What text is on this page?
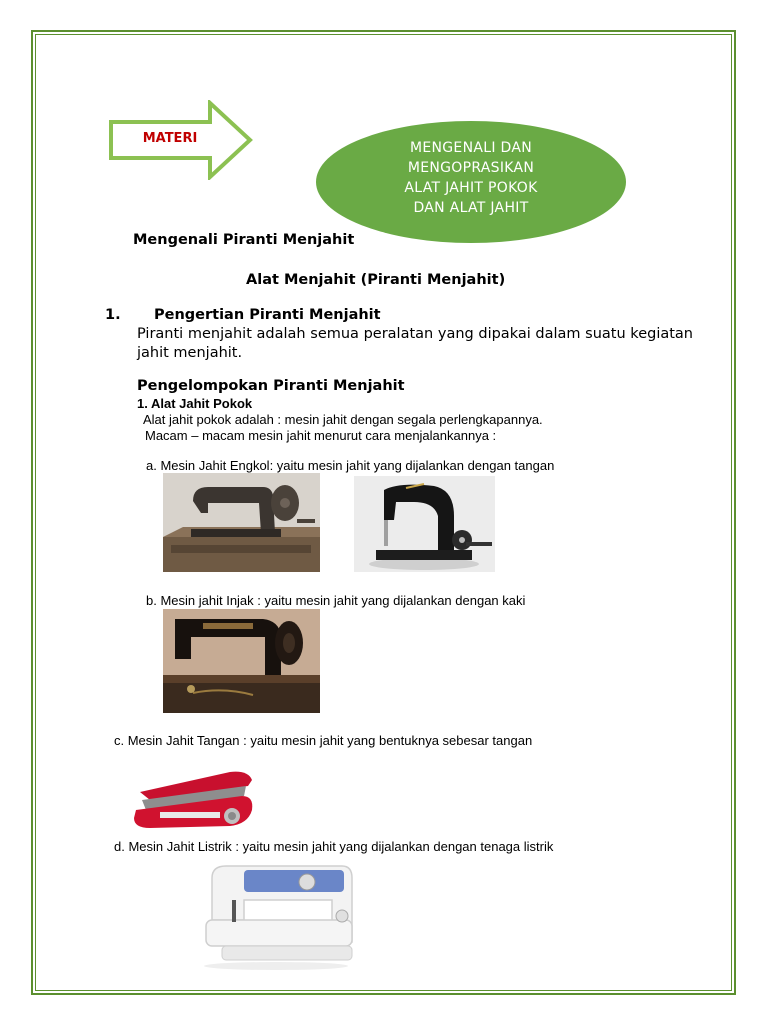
MATERI
MENGENALI DAN
MENGOPRASIKAN
ALAT JAHIT POKOK
DAN ALAT JAHIT
Mengenali Piranti Menjahit
Alat Menjahit (Piranti Menjahit)
1. Pengertian Piranti Menjahit
Piranti menjahit adalah semua peralatan yang dipakai dalam suatu kegiatan jahit menjahit.
Pengelompokan Piranti Menjahit
1. Alat Jahit Pokok
Alat jahit pokok adalah : mesin jahit dengan segala perlengkapannya.
Macam – macam mesin jahit menurut cara menjalankannya :
a. Mesin Jahit Engkol: yaitu mesin jahit yang dijalankan dengan tangan
b. Mesin jahit Injak : yaitu mesin jahit yang dijalankan dengan kaki
c. Mesin Jahit Tangan : yaitu mesin jahit yang bentuknya sebesar tangan
d. Mesin Jahit Listrik : yaitu mesin jahit yang dijalankan dengan tenaga listrik
